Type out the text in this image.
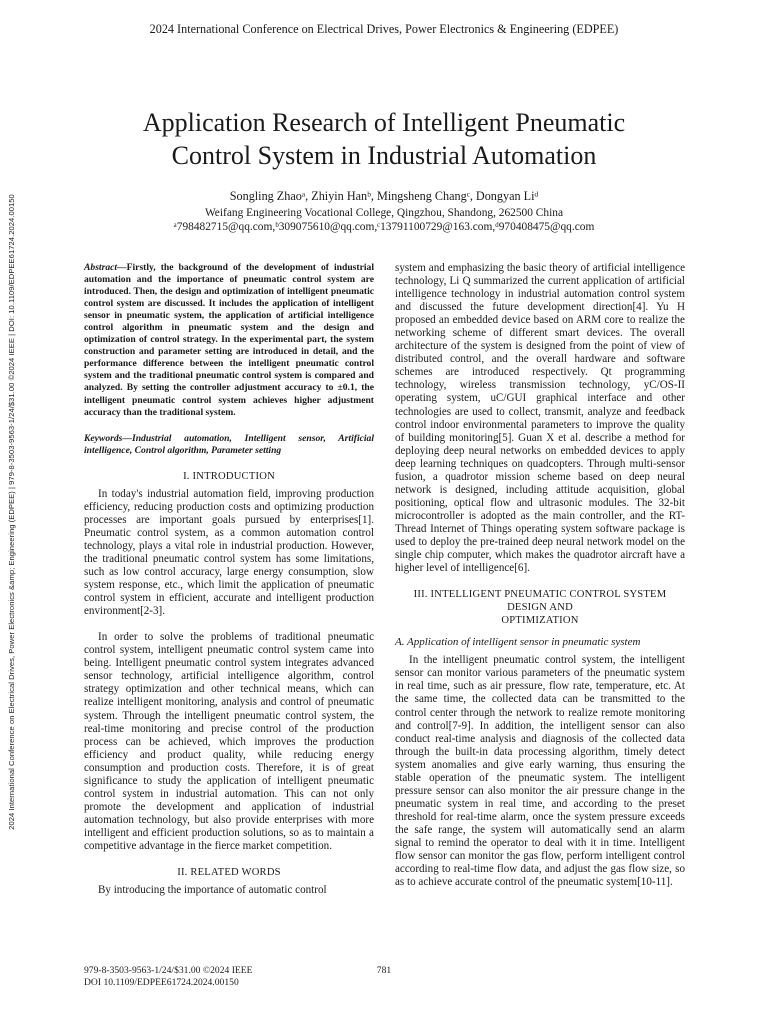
2024 International Conference on Electrical Drives, Power Electronics & Engineering (EDPEE)
2024 International Conference on Electrical Drives, Power Electronics &amp; Engineering (EDPEE) | 979-8-3503-9563-1/24/$31.00 ©2024 IEEE | DOI: 10.1109/EDPEE61724.2024.00150
Application Research of Intelligent Pneumatic
Control System in Industrial Automation
Songling Zhaoᵃ, Zhiyin Hanᵇ, Mingsheng Changᶜ, Dongyan Liᵈ
Weifang Engineering Vocational College, Qingzhou, Shandong, 262500 China
ᵃ798482715@qq.com,ᵇ309075610@qq.com,ᶜ13791100729@163.com,ᵈ970408475@qq.com

Abstract—Firstly, the background of the development of industrial automation and the importance of pneumatic control system are introduced. Then, the design and optimization of intelligent pneumatic control system are discussed. It includes the application of intelligent sensor in pneumatic system, the application of artificial intelligence control algorithm in pneumatic system and the design and optimization of control strategy. In the experimental part, the system construction and parameter setting are introduced in detail, and the performance difference between the intelligent pneumatic control system and the traditional pneumatic control system is compared and analyzed. By setting the controller adjustment accuracy to ±0.1, the intelligent pneumatic control system achieves higher adjustment accuracy than the traditional system.

Keywords—Industrial automation, Intelligent sensor, Artificial intelligence, Control algorithm, Parameter setting

I. INTRODUCTION

In today's industrial automation field, improving production efficiency, reducing production costs and optimizing production processes are important goals pursued by enterprises[1]. Pneumatic control system, as a common automation control technology, plays a vital role in industrial production. However, the traditional pneumatic control system has some limitations, such as low control accuracy, large energy consumption, slow system response, etc., which limit the application of pneumatic control system in efficient, accurate and intelligent production environment[2-3].

In order to solve the problems of traditional pneumatic control system, intelligent pneumatic control system came into being. Intelligent pneumatic control system integrates advanced sensor technology, artificial intelligence algorithm, control strategy optimization and other technical means, which can realize intelligent monitoring, analysis and control of pneumatic system. Through the intelligent pneumatic control system, the real-time monitoring and precise control of the production process can be achieved, which improves the production efficiency and product quality, while reducing energy consumption and production costs. Therefore, it is of great significance to study the application of intelligent pneumatic control system in industrial automation. This can not only promote the development and application of industrial automation technology, but also provide enterprises with more intelligent and efficient production solutions, so as to maintain a competitive advantage in the fierce market competition.

II. RELATED WORDS

By introducing the importance of automatic control

system and emphasizing the basic theory of artificial intelligence technology, Li Q summarized the current application of artificial intelligence technology in industrial automation control system and discussed the future development direction[4]. Yu H proposed an embedded device based on ARM core to realize the networking scheme of different smart devices. The overall architecture of the system is designed from the point of view of distributed control, and the overall hardware and software schemes are introduced respectively. Qt programming technology, wireless transmission technology, yC/OS-II operating system, uC/GUI graphical interface and other technologies are used to collect, transmit, analyze and feedback control indoor environmental parameters to improve the quality of building monitoring[5]. Guan X et al. describe a method for deploying deep neural networks on embedded devices to apply deep learning techniques on quadcopters. Through multi-sensor fusion, a quadrotor mission scheme based on deep neural network is designed, including attitude acquisition, global positioning, optical flow and ultrasonic modules. The 32-bit microcontroller is adopted as the main controller, and the RT-Thread Internet of Things operating system software package is used to deploy the pre-trained deep neural network model on the single chip computer, which makes the quadrotor aircraft have a higher level of intelligence[6].

III. INTELLIGENT PNEUMATIC CONTROL SYSTEM DESIGN AND
OPTIMIZATION

A. Application of intelligent sensor in pneumatic system

In the intelligent pneumatic control system, the intelligent sensor can monitor various parameters of the pneumatic system in real time, such as air pressure, flow rate, temperature, etc. At the same time, the collected data can be transmitted to the control center through the network to realize remote monitoring and control[7-9]. In addition, the intelligent sensor can also conduct real-time analysis and diagnosis of the collected data through the built-in data processing algorithm, timely detect system anomalies and give early warning, thus ensuring the stable operation of the pneumatic system. The intelligent pressure sensor can also monitor the air pressure change in the pneumatic system in real time, and according to the preset threshold for real-time alarm, once the system pressure exceeds the safe range, the system will automatically send an alarm signal to remind the operator to deal with it in time. Intelligent flow sensor can monitor the gas flow, perform intelligent control according to real-time flow data, and adjust the gas flow size, so as to achieve accurate control of the pneumatic system[10-11].

979-8-3503-9563-1/24/$31.00 ©2024 IEEE
DOI 10.1109/EDPEE61724.2024.00150
781
